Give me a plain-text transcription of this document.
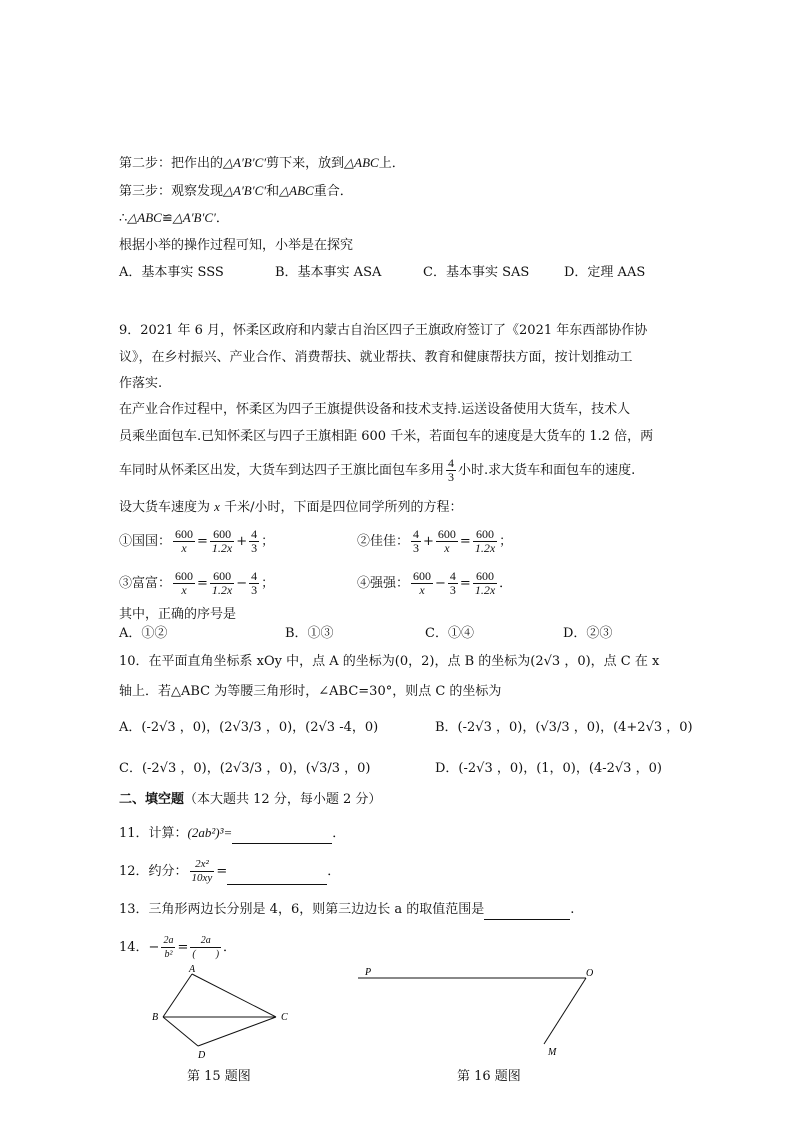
第二步：把作出的△A′B′C′剪下来，放到△ABC上．
第三步：观察发现△A′B′C′和△ABC重合．
∴△ABC≌△A′B′C′．
根据小举的操作过程可知，小举是在探究
A．基本事实 SSS	B．基本事实 ASA	C．基本事实 SAS	D．定理 AAS
9．2021 年 6 月，怀柔区政府和内蒙古自治区四子王旗政府签订了《2021 年东西部协作协
议》，在乡村振兴、产业合作、消费帮扶、就业帮扶、教育和健康帮扶方面，按计划推动工
作落实.
在产业合作过程中，怀柔区为四子王旗提供设备和技术支持.运送设备使用大货车，技术人
员乘坐面包车.已知怀柔区与四子王旗相距 600 千米，若面包车的速度是大货车的 1.2 倍，两
车同时从怀柔区出发，大货车到达四子王旗比面包车多用 $\frac{4}{3}$ 小时.求大货车和面包车的速度.
设大货车速度为 x 千米/小时，下面是四位同学所列的方程：
①国国： $\frac{600}{x} = \frac{600}{1.2x} + \frac{4}{3}$ ；	②佳佳： $\frac{4}{3} + \frac{600}{x} = \frac{600}{1.2x}$ ；
③富富： $\frac{600}{x} = \frac{600}{1.2x} - \frac{4}{3}$ ；	④强强： $\frac{600}{x} - \frac{4}{3} = \frac{600}{1.2x}$ ．
其中，正确的序号是
A．①②	B．①③	C．①④	D．②③
10．在平面直角坐标系 xOy 中，点 A 的坐标为(0，2)，点 B 的坐标为(2√3 ，0)，点 C 在 x
轴上．若△ABC 为等腰三角形时，∠ABC=30°，则点 C 的坐标为
A．(-2√3 ，0)，(2√3/3 ，0)，(2√3 -4，0)	B．(-2√3 ，0)，(√3/3 ，0)，(4+2√3 ，0)
C．(-2√3 ，0)，(2√3/3 ，0)，(√3/3 ，0)	D．(-2√3 ，0)，(1，0)，(4-2√3 ，0)
二、填空题（本大题共 12 分，每小题 2 分）
11．计算：(2ab²)³=	．
12．约分： $\frac{\text{2x²}}{10xy}$ =	．
13．三角形两边长分别是 4，6，则第三边边长 a 的取值范围是	.
14．− $\frac{2a}{\text{b²}} = \frac{2a}{( )}$ ．
A
B	C
D
第 15 题图
P	O
M
第 16 题图
